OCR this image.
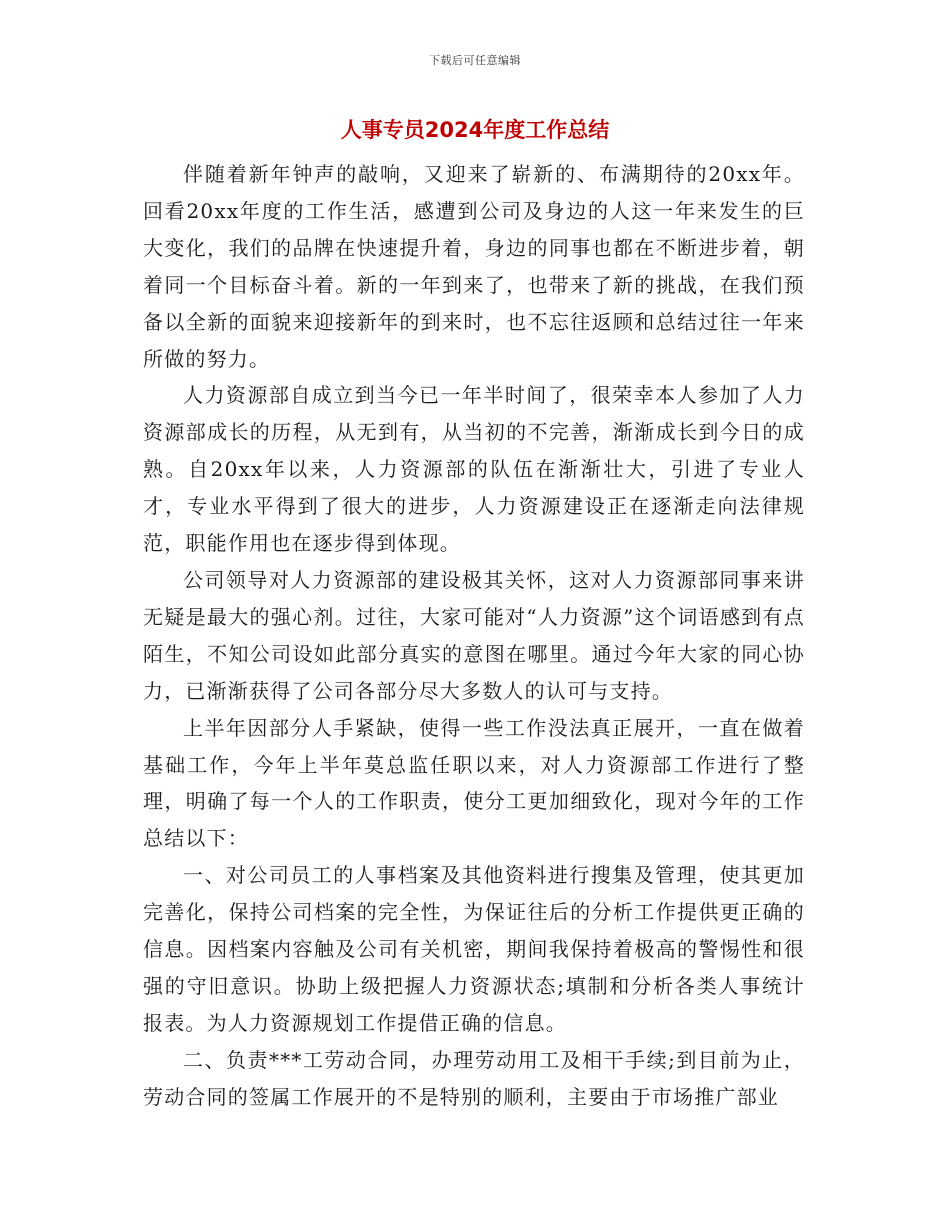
下载后可任意编辑
人事专员2024年度工作总结

伴随着新年钟声的敲响，又迎来了崭新的、布满期待的20xx年。回看20xx年度的工作生活，感遭到公司及身边的人这一年来发生的巨大变化，我们的品牌在快速提升着，身边的同事也都在不断进步着，朝着同一个目标奋斗着。新的一年到来了，也带来了新的挑战，在我们预备以全新的面貌来迎接新年的到来时，也不忘往返顾和总结过往一年来所做的努力。

人力资源部自成立到当今已一年半时间了，很荣幸本人参加了人力资源部成长的历程，从无到有，从当初的不完善，渐渐成长到今日的成熟。自20xx年以来，人力资源部的队伍在渐渐壮大，引进了专业人才，专业水平得到了很大的进步，人力资源建设正在逐渐走向法律规范，职能作用也在逐步得到体现。

公司领导对人力资源部的建设极其关怀，这对人力资源部同事来讲无疑是最大的强心剂。过往，大家可能对“人力资源”这个词语感到有点陌生，不知公司设如此部分真实的意图在哪里。通过今年大家的同心协力，已渐渐获得了公司各部分尽大多数人的认可与支持。

上半年因部分人手紧缺，使得一些工作没法真正展开，一直在做着基础工作，今年上半年莫总监任职以来，对人力资源部工作进行了整理，明确了每一个人的工作职责，使分工更加细致化，现对今年的工作总结以下：

一、对公司员工的人事档案及其他资料进行搜集及管理，使其更加完善化，保持公司档案的完全性，为保证往后的分析工作提供更正确的信息。因档案内容触及公司有关机密，期间我保持着极高的警惕性和很强的守旧意识。协助上级把握人力资源状态;填制和分析各类人事统计报表。为人力资源规划工作提借正确的信息。

二、负责***工劳动合同，办理劳动用工及相干手续;到目前为止，劳动合同的签属工作展开的不是特别的顺利，主要由于市场推广部业
